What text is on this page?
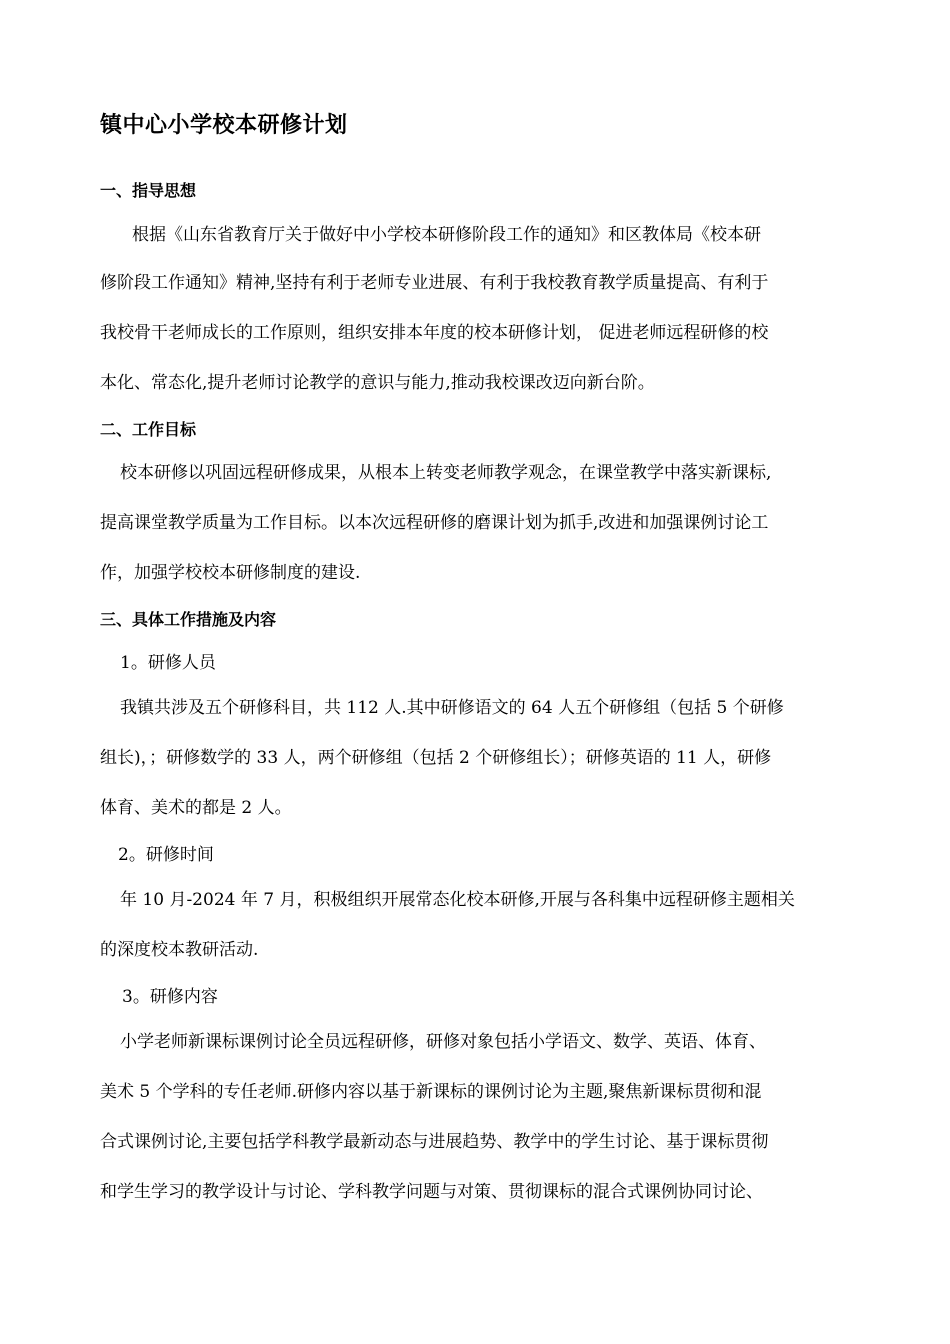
镇中心小学校本研修计划
一、指导思想
根据《山东省教育厅关于做好中小学校本研修阶段工作的通知》和区教体局《校本研
修阶段工作通知》精神,坚持有利于老师专业进展、有利于我校教育教学质量提高、有利于
我校骨干老师成长的工作原则，组织安排本年度的校本研修计划， 促进老师远程研修的校
本化、常态化,提升老师讨论教学的意识与能力,推动我校课改迈向新台阶。
二、工作目标
校本研修以巩固远程研修成果，从根本上转变老师教学观念，在课堂教学中落实新课标,
提高课堂教学质量为工作目标。以本次远程研修的磨课计划为抓手,改进和加强课例讨论工
作，加强学校校本研修制度的建设.
三、具体工作措施及内容
1。研修人员
我镇共涉及五个研修科目，共 112 人.其中研修语文的 64 人五个研修组（包括 5 个研修
组长)，；研修数学的 33 人，两个研修组（包括 2 个研修组长）；研修英语的 11 人，研修
体育、美术的都是 2 人。
2。研修时间
年 10 月-2024 年 7 月，积极组织开展常态化校本研修,开展与各科集中远程研修主题相关
的深度校本教研活动.
3。研修内容
小学老师新课标课例讨论全员远程研修，研修对象包括小学语文、数学、英语、体育、
美术 5 个学科的专任老师.研修内容以基于新课标的课例讨论为主题,聚焦新课标贯彻和混
合式课例讨论,主要包括学科教学最新动态与进展趋势、教学中的学生讨论、基于课标贯彻
和学生学习的教学设计与讨论、学科教学问题与对策、贯彻课标的混合式课例协同讨论、
